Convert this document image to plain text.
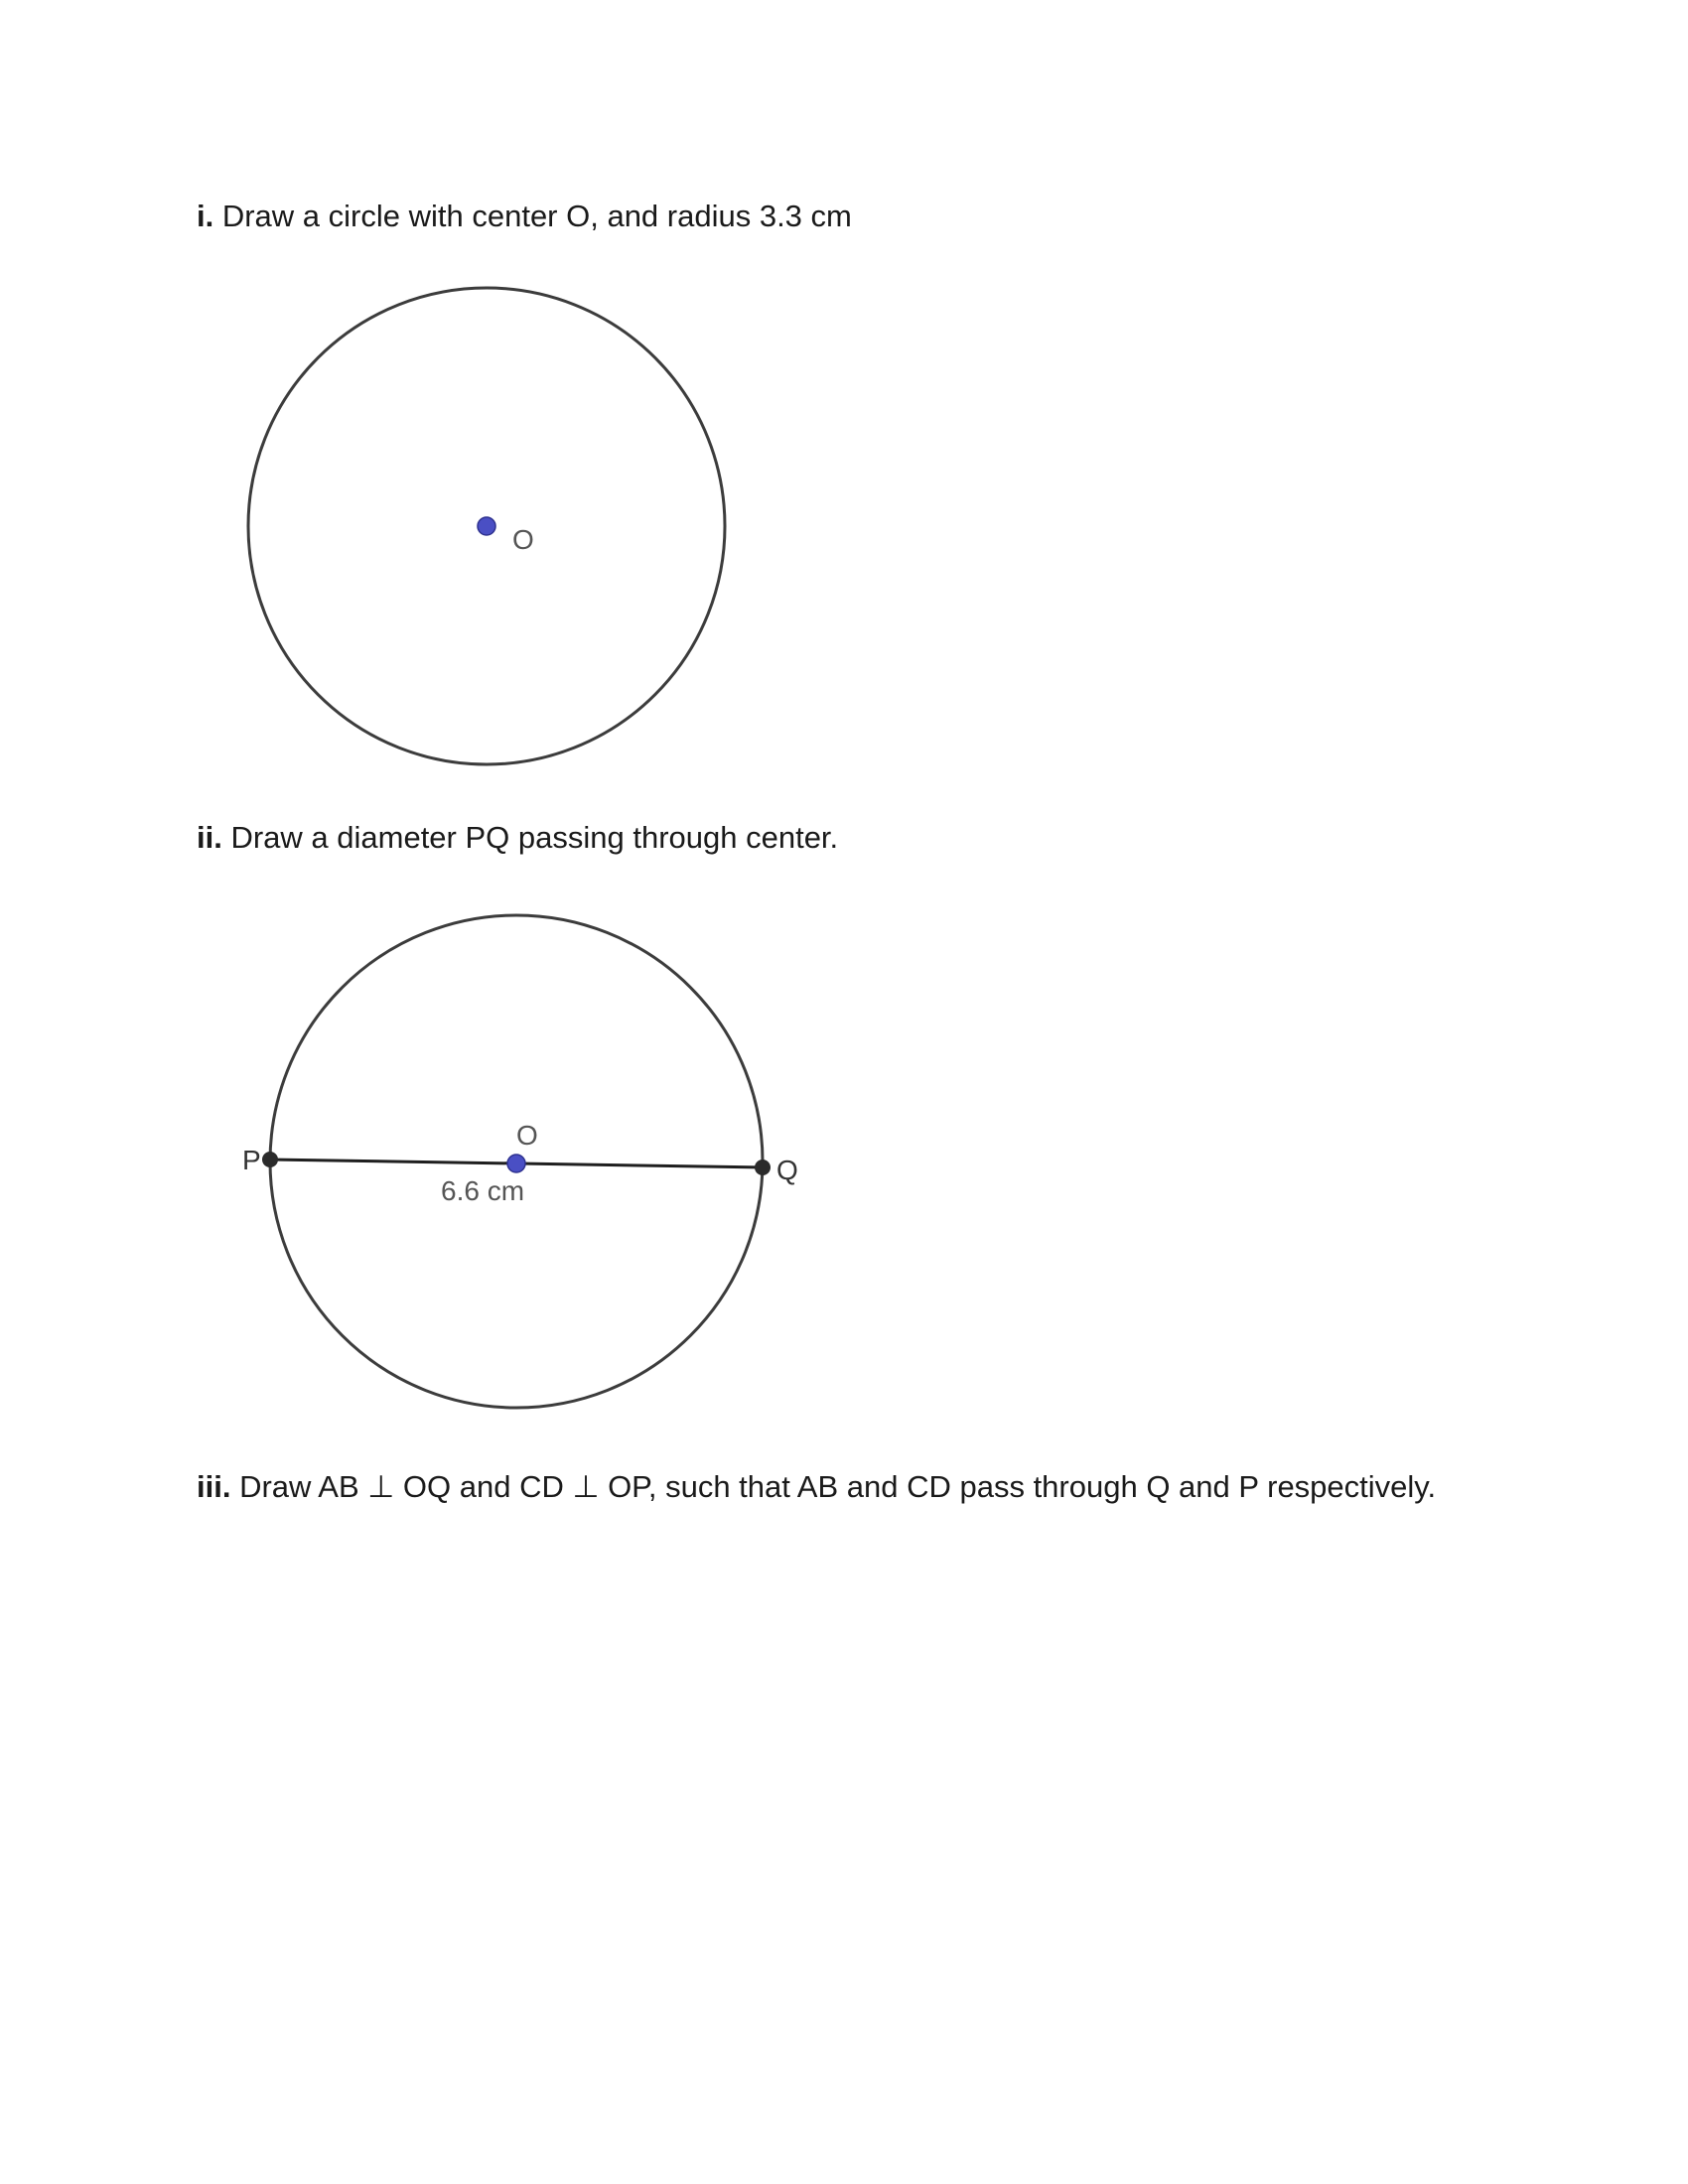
i. Draw a circle with center O, and radius 3.3 cm
O
ii. Draw a diameter PQ passing through center.
P	Q
O
6.6 cm
iii. Draw AB ⊥ OQ and CD ⊥ OP, such that AB and CD pass through Q and P respectively.
